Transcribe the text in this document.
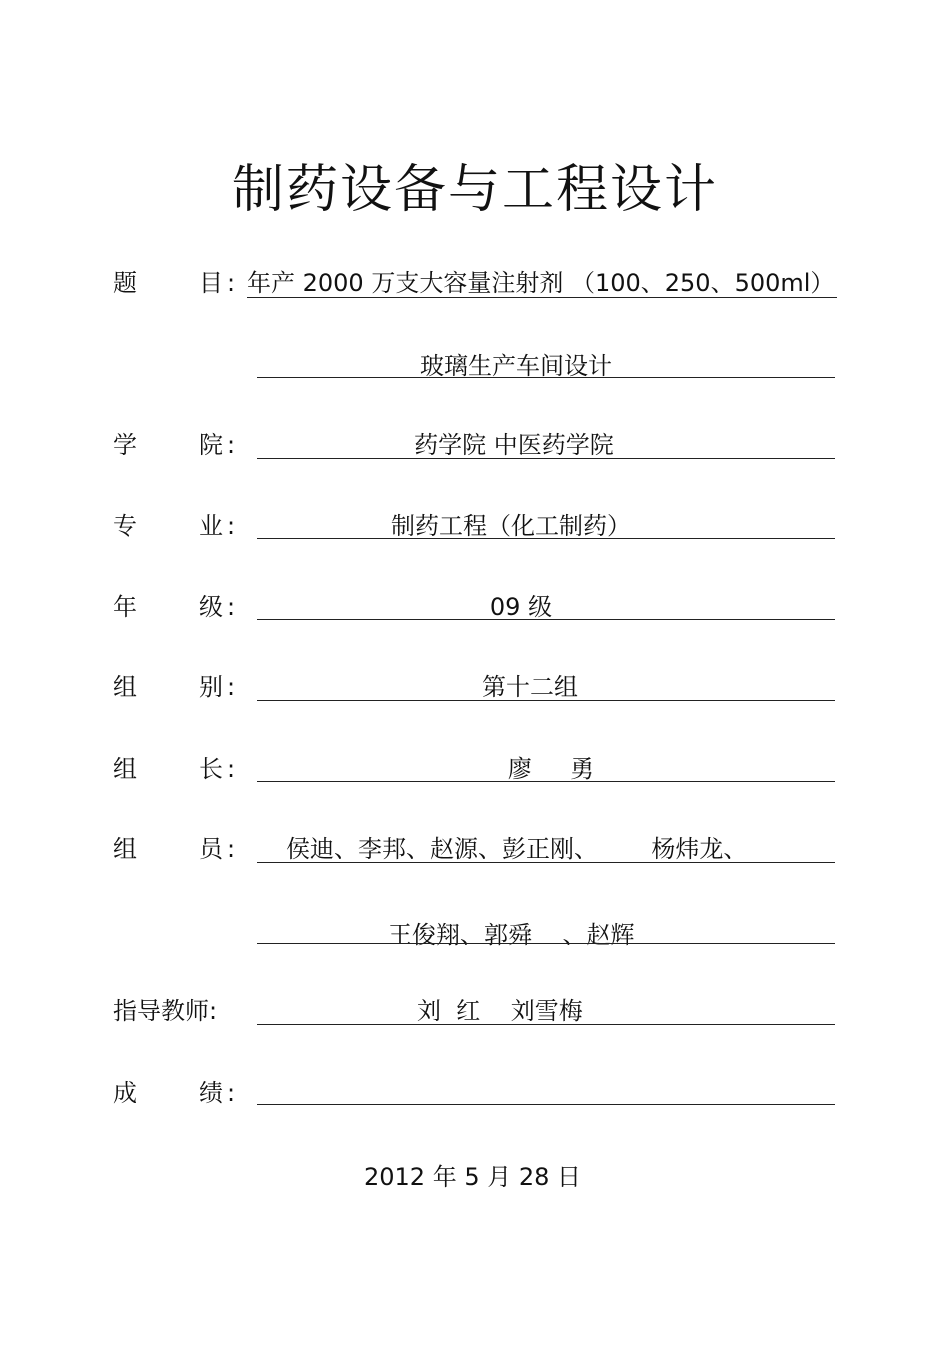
制药设备与工程设计
题	目 : 年产 2000 万支大容量注射剂 （100、250、500ml）
玻璃生产车间设计
学	院 :	药学院 中医药学院
专	业 :	制药工程（化工制药）
年	级 :	09 级
组	别 :	第十二组
组	长 :	廖     勇
组	员 : 侯迪、李邦、赵源、彭正刚、       杨炜龙、
王俊翔、郭舜    、赵辉
指导教师:	刘  红    刘雪梅
成	绩 :
2012 年 5 月 28 日
